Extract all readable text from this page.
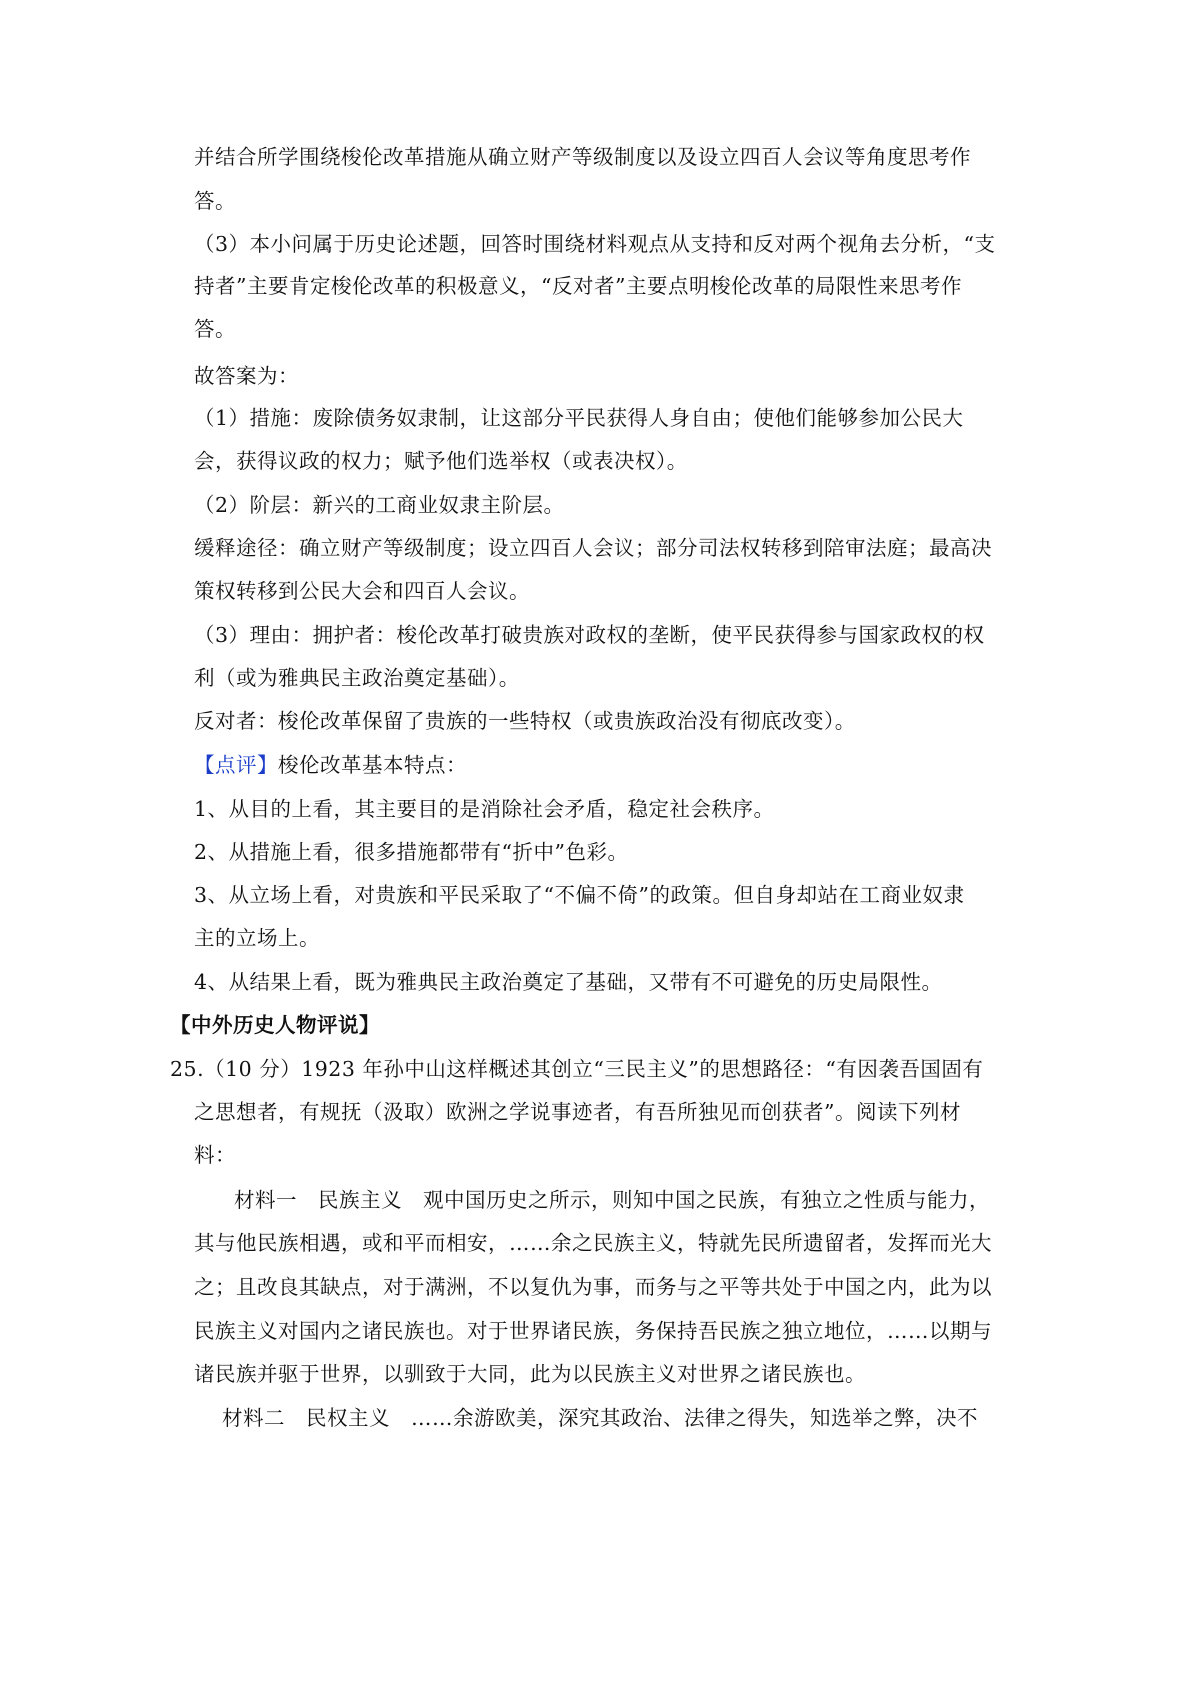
并结合所学围绕梭伦改革措施从确立财产等级制度以及设立四百人会议等角度思考作
答。
（3）本小问属于历史论述题，回答时围绕材料观点从支持和反对两个视角去分析，“支
持者”主要肯定梭伦改革的积极意义，“反对者”主要点明梭伦改革的局限性来思考作
答。
故答案为：
（1）措施：废除债务奴隶制，让这部分平民获得人身自由；使他们能够参加公民大
会，获得议政的权力；赋予他们选举权（或表决权）。
（2）阶层：新兴的工商业奴隶主阶层。
缓释途径：确立财产等级制度；设立四百人会议；部分司法权转移到陪审法庭；最高决
策权转移到公民大会和四百人会议。
（3）理由：拥护者：梭伦改革打破贵族对政权的垄断，使平民获得参与国家政权的权
利（或为雅典民主政治奠定基础）。
反对者：梭伦改革保留了贵族的一些特权（或贵族政治没有彻底改变）。
【点评】梭伦改革基本特点：
1、从目的上看，其主要目的是消除社会矛盾，稳定社会秩序。
2、从措施上看，很多措施都带有“折中”色彩。
3、从立场上看，对贵族和平民采取了“不偏不倚”的政策。但自身却站在工商业奴隶
主的立场上。
4、从结果上看，既为雅典民主政治奠定了基础，又带有不可避免的历史局限性。
【中外历史人物评说】
25.（10 分）1923 年孙中山这样概述其创立“三民主义”的思想路径：“有因袭吾国固有
之思想者，有规抚（汲取）欧洲之学说事迹者，有吾所独见而创获者”。阅读下列材
料：
材料一　民族主义　观中国历史之所示，则知中国之民族，有独立之性质与能力，
其与他民族相遇，或和平而相安，……余之民族主义，特就先民所遗留者，发挥而光大
之；且改良其缺点，对于满洲，不以复仇为事，而务与之平等共处于中国之内，此为以
民族主义对国内之诸民族也。对于世界诸民族，务保持吾民族之独立地位，……以期与
诸民族并驱于世界，以驯致于大同，此为以民族主义对世界之诸民族也。
材料二　民权主义　……余游欧美，深究其政治、法律之得失，知选举之弊，决不
